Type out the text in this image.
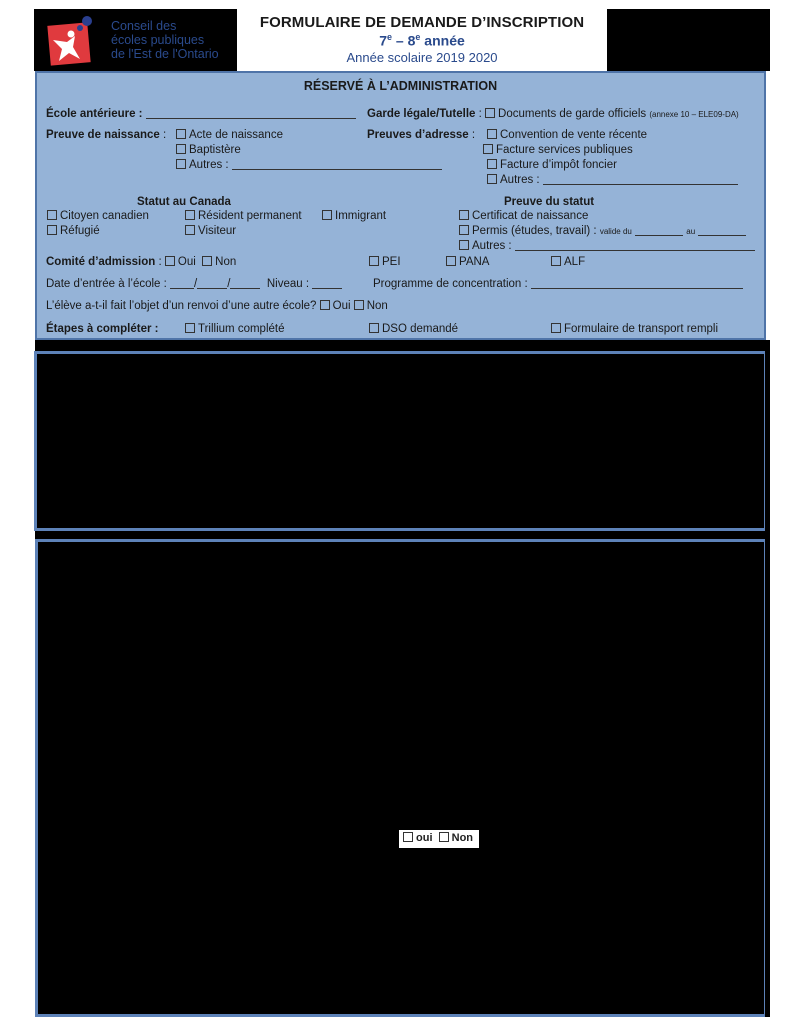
Conseil des
écoles publiques
de l'Est de l'Ontario
FORMULAIRE DE DEMANDE D’INSCRIPTION
7e – 8e année
Année scolaire 2019 2020
RÉSERVÉ À L’ADMINISTRATION
École antérieure :	Garde légale/Tutelle : Documents de garde officiels (annexe 10 – ELE09-DA)
Preuve de naissance :	Acte de naissance
Baptistère
Autres :
Preuves d’adresse :	Convention de vente récente
Facture services publiques
Facture d’impôt foncier
Autres :
Statut au Canada
Citoyen canadien	Résident permanent	Immigrant
Réfugié	Visiteur
Preuve du statut
Certificat de naissance
Permis (études, travail) : valide du	au
Autres :
Comité d’admission : Oui Non	PEI	PANA	ALF
Date d’entrée à l’école : /	/	Niveau :	Programme de concentration :
L’élève a-t-il fait l’objet d’un renvoi d’une autre école? Oui Non
Étapes à compléter :	Trillium complété	DSO demandé	Formulaire de transport rempli
oui Non
